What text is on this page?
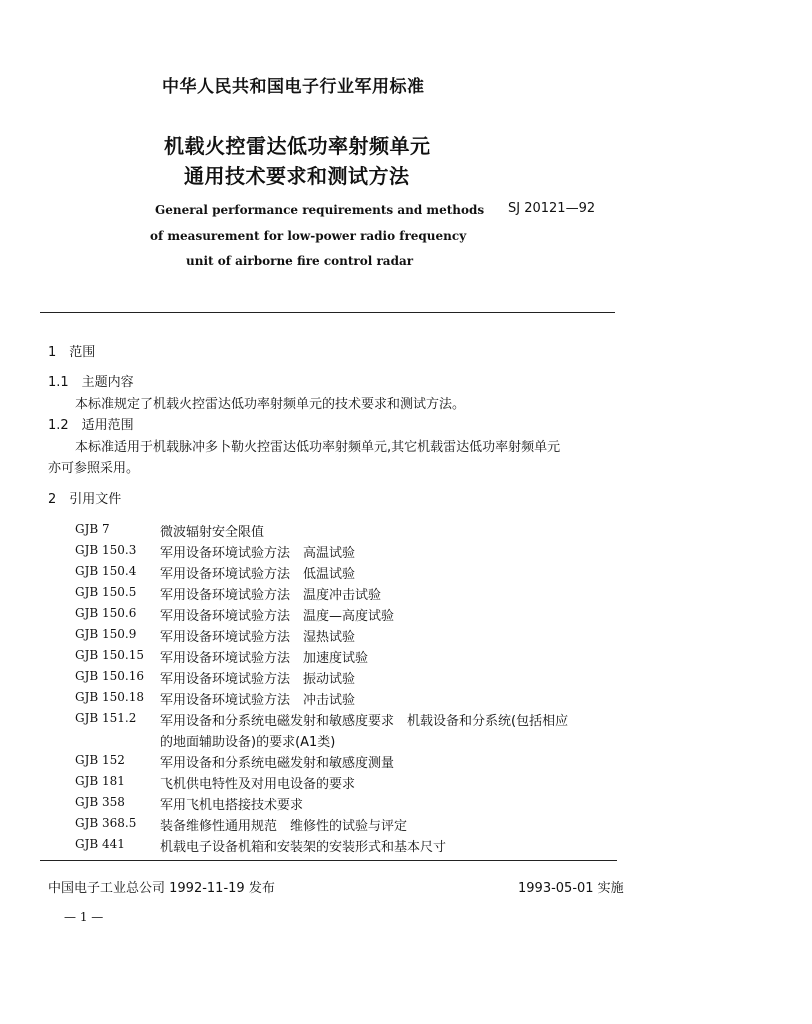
中华人民共和国电子行业军用标准
机载火控雷达低功率射频单元
通用技术要求和测试方法
General performance requirements and methods
of measurement for low-power radio frequency
unit of airborne fire control radar
SJ 20121—92
1　范围
1.1　主题内容
本标准规定了机载火控雷达低功率射频单元的技术要求和测试方法。
1.2　适用范围
本标准适用于机载脉冲多卜勒火控雷达低功率射频单元,其它机载雷达低功率射频单元
亦可参照采用。
2　引用文件
GJB 7	微波辐射安全限值
GJB 150.3 军用设备环境试验方法　高温试验
GJB 150.4 军用设备环境试验方法　低温试验
GJB 150.5 军用设备环境试验方法　温度冲击试验
GJB 150.6 军用设备环境试验方法　温度—高度试验
GJB 150.9 军用设备环境试验方法　湿热试验
GJB 150.15 军用设备环境试验方法　加速度试验
GJB 150.16 军用设备环境试验方法　振动试验
GJB 150.18 军用设备环境试验方法　冲击试验
GJB 151.2 军用设备和分系统电磁发射和敏感度要求　机载设备和分系统(包括相应
的地面辅助设备)的要求(A1类)
GJB 152	军用设备和分系统电磁发射和敏感度测量
GJB 181	飞机供电特性及对用电设备的要求
GJB 358	军用飞机电搭接技术要求
GJB 368.5 装备维修性通用规范　维修性的试验与评定
GJB 441	机载电子设备机箱和安装架的安装形式和基本尺寸
中国电子工业总公司 1992-11-19 发布	1993-05-01 实施
— 1 —
